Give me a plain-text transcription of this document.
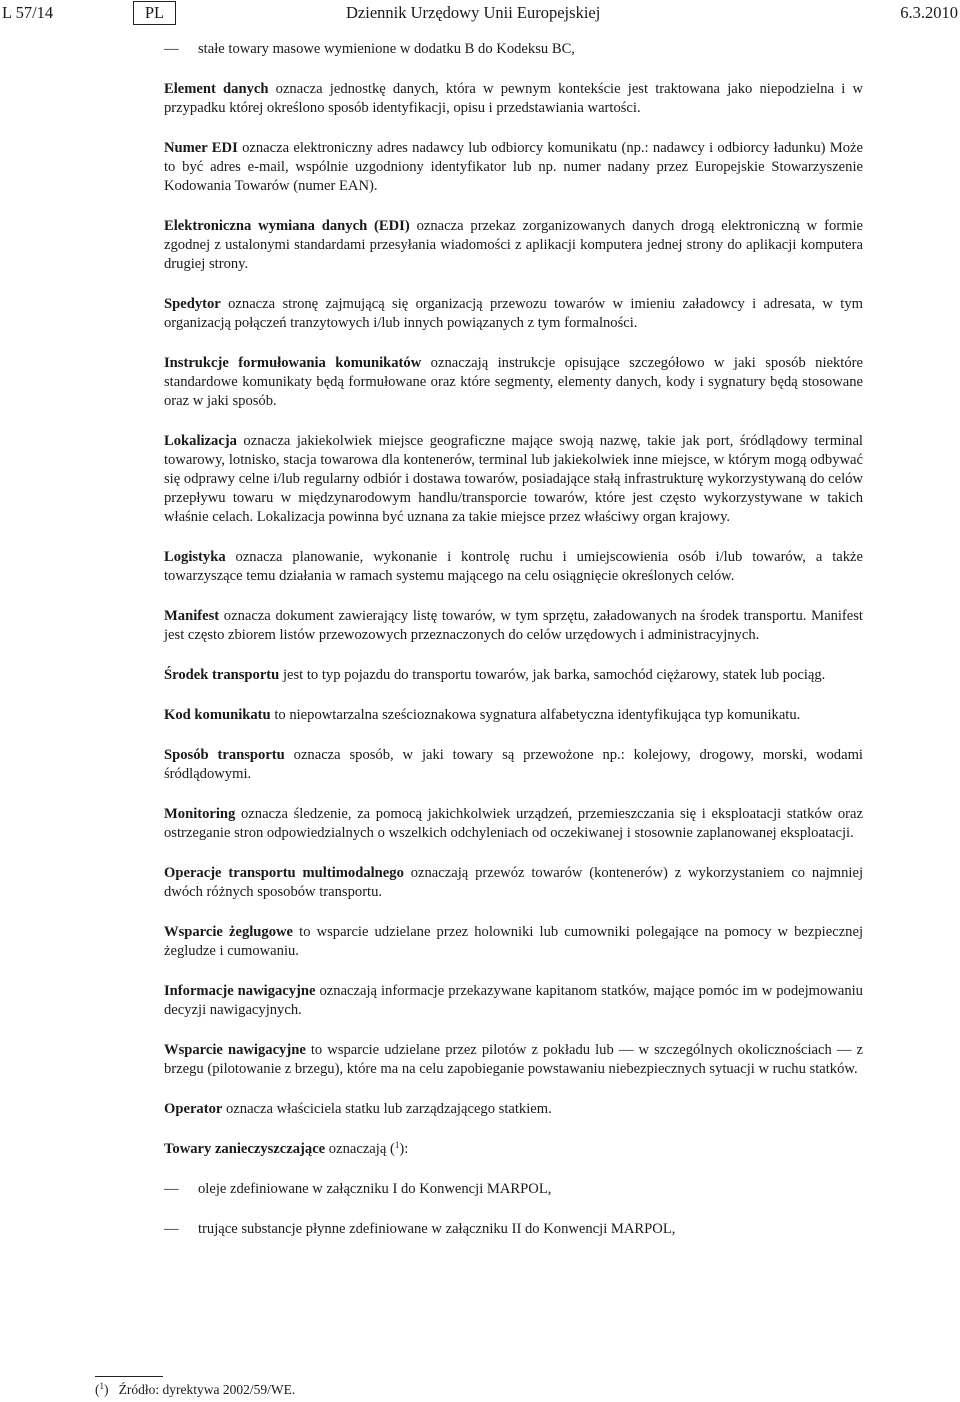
L 57/14	PL	Dziennik Urzędowy Unii Europejskiej	6.3.2010
—	stałe towary masowe wymienione w dodatku B do Kodeksu BC,

Element danych oznacza jednostkę danych, która w pewnym kontekście jest traktowana jako niepodzielna i w przypadku której określono sposób identyfikacji, opisu i przedstawiania wartości.

Numer EDI oznacza elektroniczny adres nadawcy lub odbiorcy komunikatu (np.: nadawcy i odbiorcy ładunku) Może to być adres e-mail, wspólnie uzgodniony identyfikator lub np. numer nadany przez Europejskie Stowarzyszenie Kodowania Towarów (numer EAN).

Elektroniczna wymiana danych (EDI) oznacza przekaz zorganizowanych danych drogą elektroniczną w formie zgodnej z ustalonymi standardami przesyłania wiadomości z aplikacji komputera jednej strony do aplikacji komputera drugiej strony.

Spedytor oznacza stronę zajmującą się organizacją przewozu towarów w imieniu załadowcy i adresata, w tym organizacją połączeń tranzytowych i/lub innych powiązanych z tym formalności.

Instrukcje formułowania komunikatów oznaczają instrukcje opisujące szczegółowo w jaki sposób niektóre standardowe komunikaty będą formułowane oraz które segmenty, elementy danych, kody i sygnatury będą stosowane oraz w jaki sposób.

Lokalizacja oznacza jakiekolwiek miejsce geograficzne mające swoją nazwę, takie jak port, śródlądowy terminal towarowy, lotnisko, stacja towarowa dla kontenerów, terminal lub jakiekolwiek inne miejsce, w którym mogą odbywać się odprawy celne i/lub regularny odbiór i dostawa towarów, posiadające stałą infrastrukturę wykorzystywaną do celów przepływu towaru w międzynarodowym handlu/transporcie towarów, które jest często wykorzystywane w takich właśnie celach. Lokalizacja powinna być uznana za takie miejsce przez właściwy organ krajowy.

Logistyka oznacza planowanie, wykonanie i kontrolę ruchu i umiejscowienia osób i/lub towarów, a także towarzyszące temu działania w ramach systemu mającego na celu osiągnięcie określonych celów.

Manifest oznacza dokument zawierający listę towarów, w tym sprzętu, załadowanych na środek transportu. Manifest jest często zbiorem listów przewozowych przeznaczonych do celów urzędowych i administracyjnych.

Środek transportu jest to typ pojazdu do transportu towarów, jak barka, samochód ciężarowy, statek lub pociąg.

Kod komunikatu to niepowtarzalna sześcioznakowa sygnatura alfabetyczna identyfikująca typ komunikatu.

Sposób transportu oznacza sposób, w jaki towary są przewożone np.: kolejowy, drogowy, morski, wodami śródlądowymi.

Monitoring oznacza śledzenie, za pomocą jakichkolwiek urządzeń, przemieszczania się i eksploatacji statków oraz ostrzeganie stron odpowiedzialnych o wszelkich odchyleniach od oczekiwanej i stosownie zaplanowanej eksploatacji.

Operacje transportu multimodalnego oznaczają przewóz towarów (kontenerów) z wykorzystaniem co najmniej dwóch różnych sposobów transportu.

Wsparcie żeglugowe to wsparcie udzielane przez holowniki lub cumowniki polegające na pomocy w bezpiecznej żegludze i cumowaniu.

Informacje nawigacyjne oznaczają informacje przekazywane kapitanom statków, mające pomóc im w podejmowaniu decyzji nawigacyjnych.

Wsparcie nawigacyjne to wsparcie udzielane przez pilotów z pokładu lub — w szczególnych okolicznościach — z brzegu (pilotowanie z brzegu), które ma na celu zapobieganie powstawaniu niebezpiecznych sytuacji w ruchu statków.

Operator oznacza właściciela statku lub zarządzającego statkiem.

Towary zanieczyszczające oznaczają ($^1$):

—	oleje zdefiniowane w załączniku I do Konwencji MARPOL,
—	trujące substancje płynne zdefiniowane w załączniku II do Konwencji MARPOL,
($^1$)   Źródło: dyrektywa 2002/59/WE.
